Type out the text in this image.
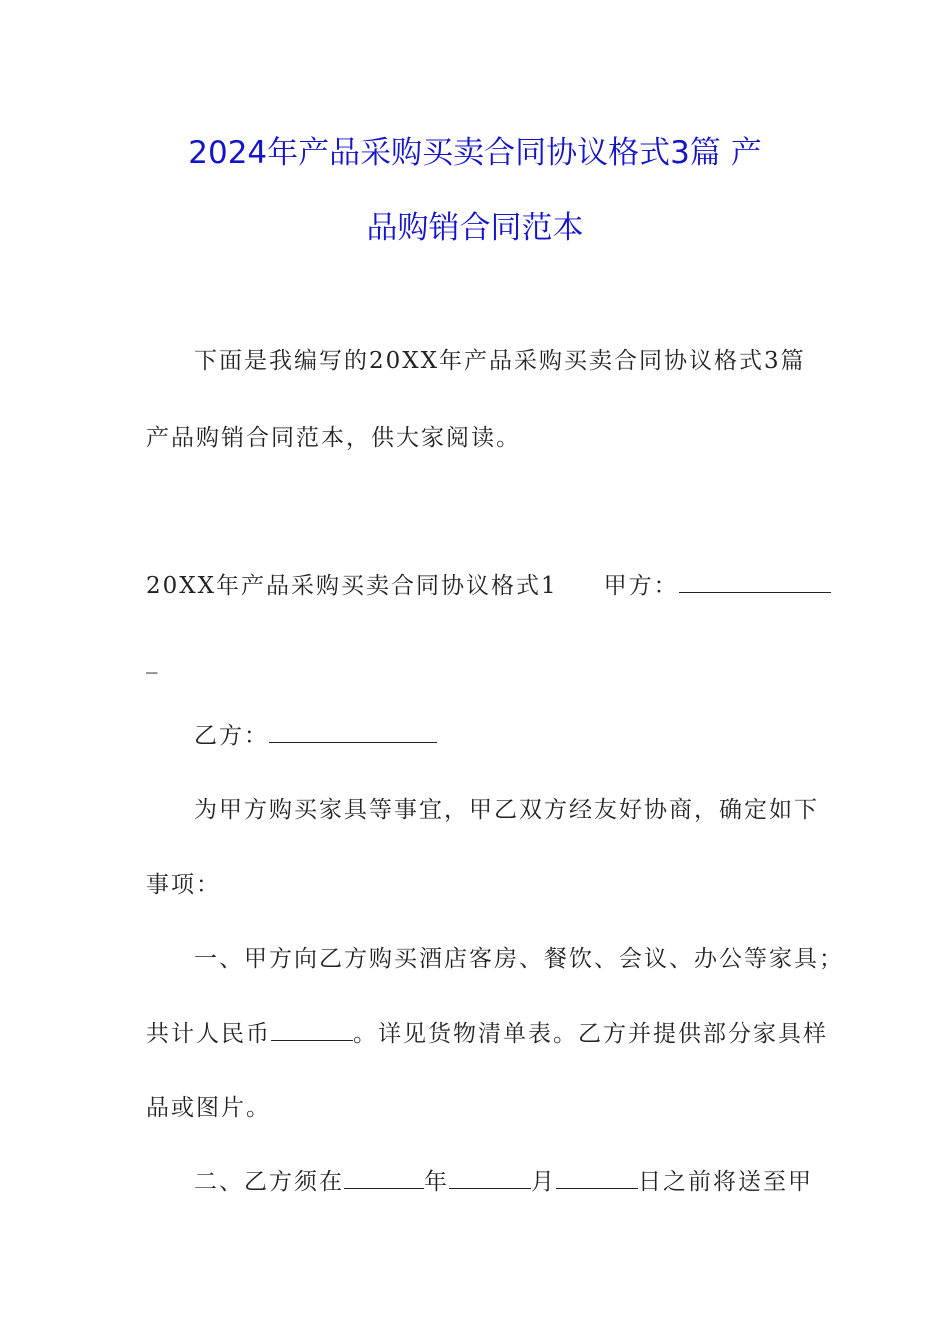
2024年产品采购买卖合同协议格式3篇 产
品购销合同范本
下面是我编写的20XX年产品采购买卖合同协议格式3篇
产品购销合同范本，供大家阅读。
20XX年产品采购买卖合同协议格式1 甲方：
_
乙方：
为甲方购买家具等事宜，甲乙双方经友好协商，确定如下
事项：
一、甲方向乙方购买酒店客房、餐饮、会议、办公等家具；
共计人民币	。详见货物清单表。乙方并提供部分家具样
品或图片。
二、乙方须在	年	月	日之前将送至甲
